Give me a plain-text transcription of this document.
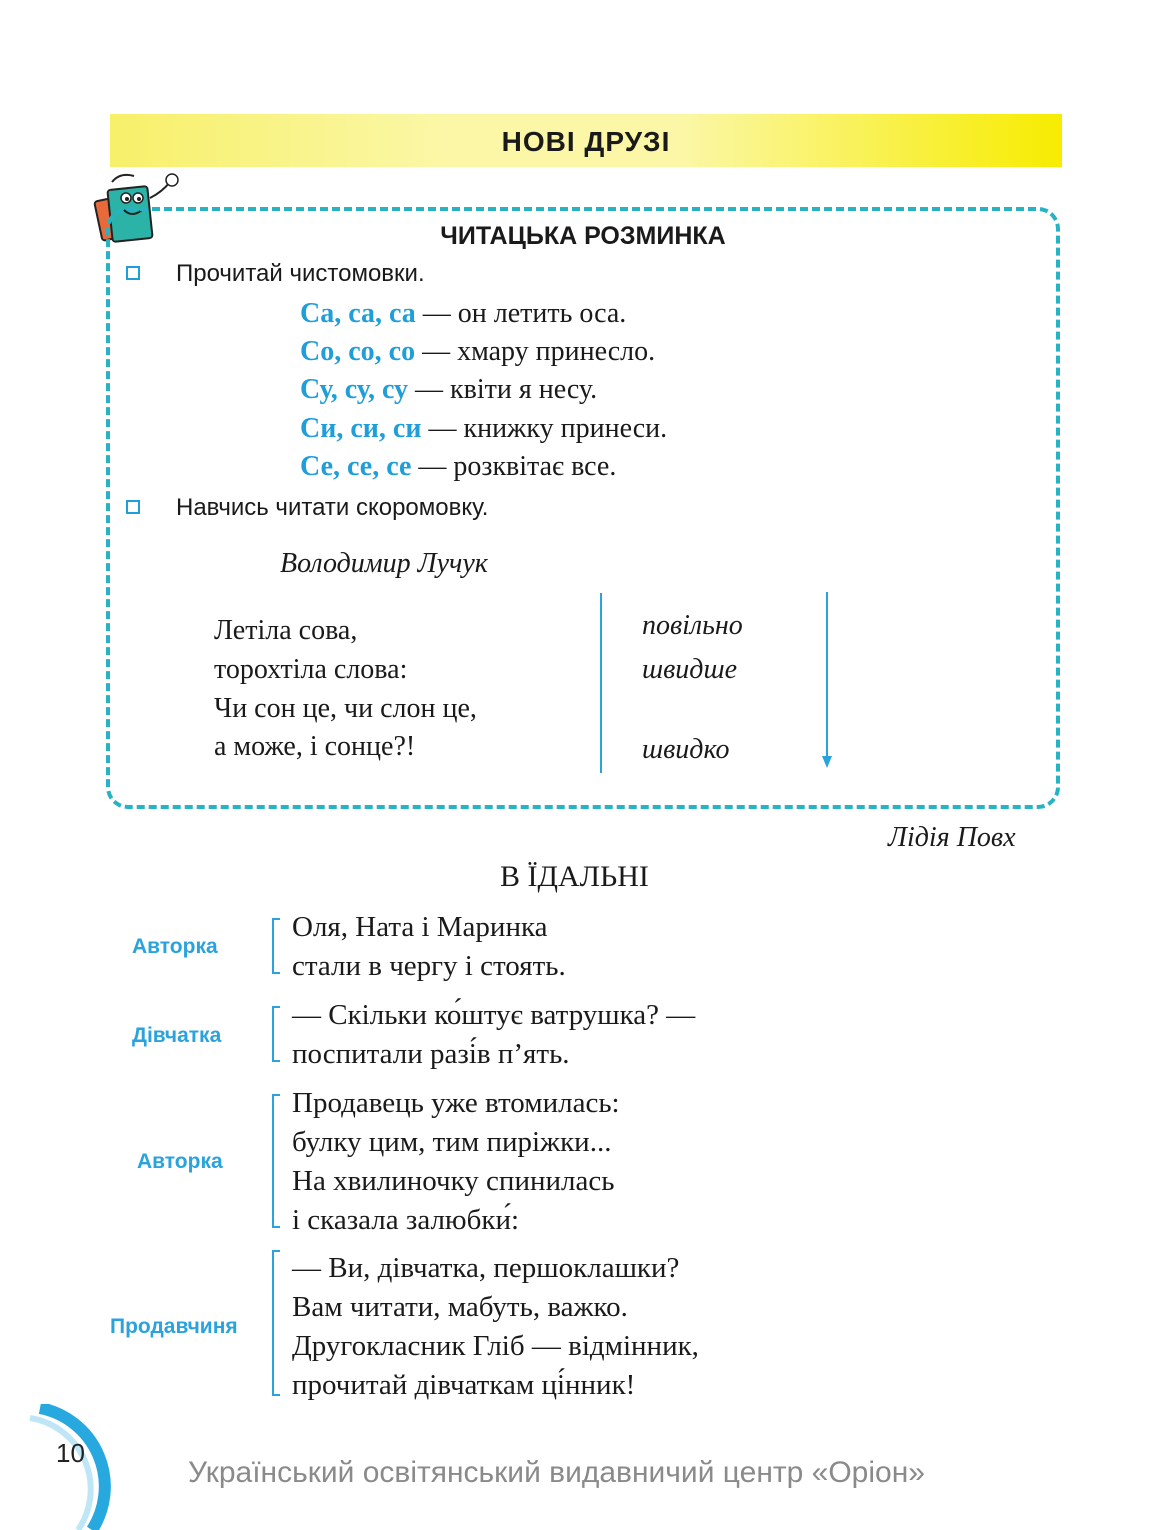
НОВІ ДРУЗІ
ЧИТАЦЬКА РОЗМИНКА
Прочитай чистомовки.
Са, са, са — он летить оса.
Со, со, со — хмару принесло.
Су, су, су — квіти я несу.
Си, си, си — книжку принеси.
Се, се, се — розквітає все.
Навчись читати скоромовку.
Володимир Лучук
Летіла сова,
торохтіла слова:
Чи сон це, чи слон це,
а може, і сонце?!
повільно
швидше
швидко
Лідія Повх
В ЇДАЛЬНІ
Авторка
Оля, Ната і Маринка
стали в чергу і стоять.
Дівчатка
— Скільки ко́штує ватрушка? —
поспитали разі́в п’ять.
Авторка
Продавець уже втомилась:
булку цим, тим пиріжки...
На хвилиночку спинилась
і сказала залюбки́:
Продавчиня
— Ви, дівчатка, першоклашки?
Вам читати, мабуть, важко.
Другокласник Гліб — відмінник,
прочитай дівчаткам ці́нник!
10
Український освітянський видавничий центр «Оріон»
